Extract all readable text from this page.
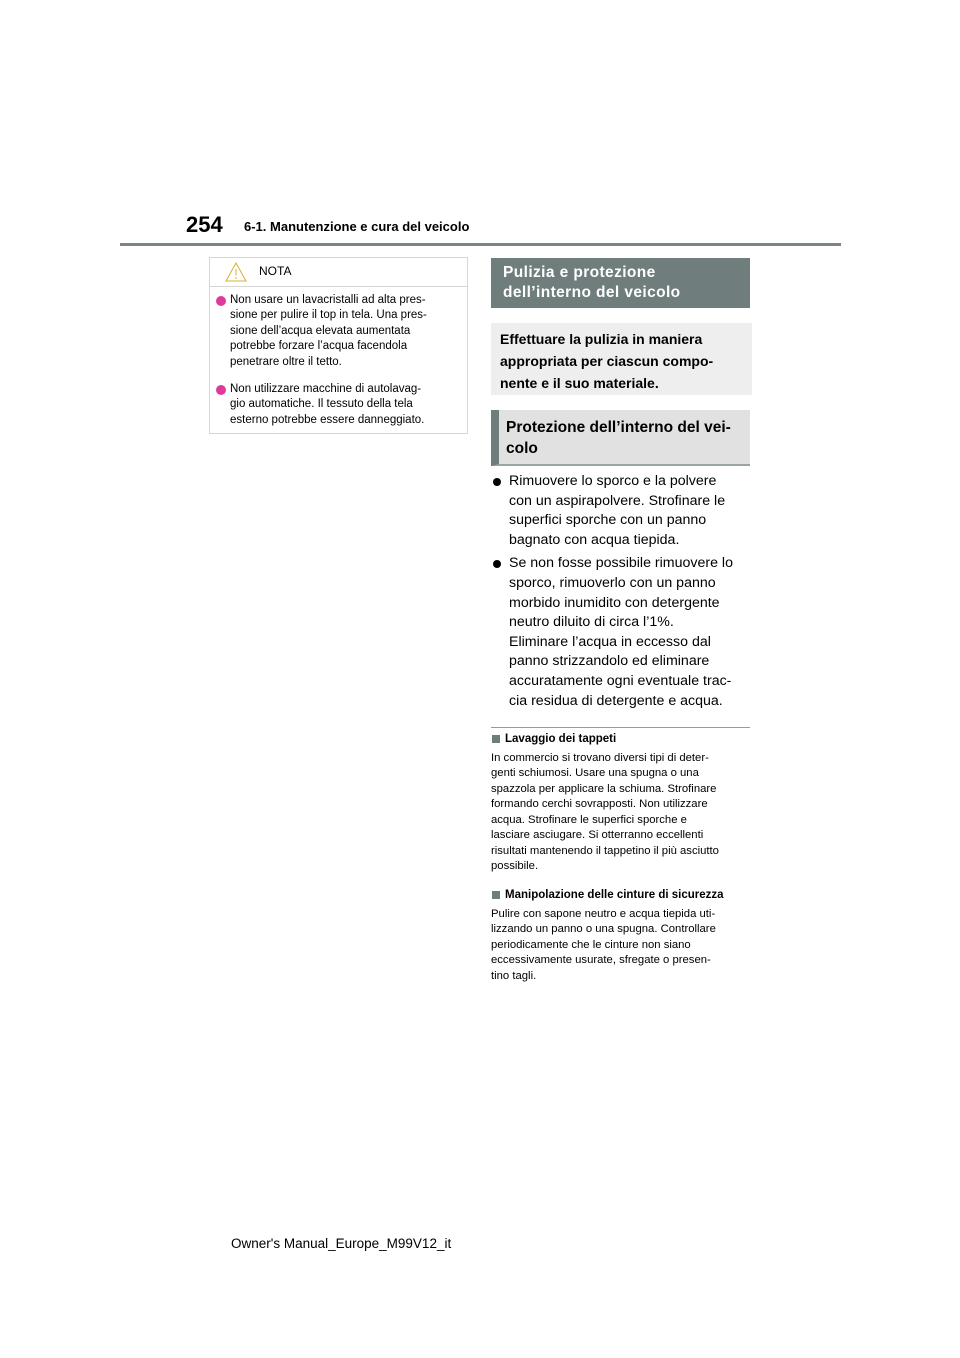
254 6-1. Manutenzione e cura del veicolo
NOTA
Non usare un lavacristalli ad alta pres-
sione per pulire il top in tela. Una pres-
sione dell’acqua elevata aumentata
potrebbe forzare l’acqua facendola
penetrare oltre il tetto.
Non utilizzare macchine di autolavag-
gio automatiche. Il tessuto della tela
esterno potrebbe essere danneggiato.
Pulizia e protezione
dell’interno del veicolo
Effettuare la pulizia in maniera
appropriata per ciascun compo-
nente e il suo materiale.
Protezione dell’interno del vei-
colo
Rimuovere lo sporco e la polvere
con un aspirapolvere. Strofinare le
superfici sporche con un panno
bagnato con acqua tiepida.
Se non fosse possibile rimuovere lo
sporco, rimuoverlo con un panno
morbido inumidito con detergente
neutro diluito di circa l’1%.
Eliminare l’acqua in eccesso dal
panno strizzandolo ed eliminare
accuratamente ogni eventuale trac-
cia residua di detergente e acqua.
Lavaggio dei tappeti
In commercio si trovano diversi tipi di deter-
genti schiumosi. Usare una spugna o una
spazzola per applicare la schiuma. Strofinare
formando cerchi sovrapposti. Non utilizzare
acqua. Strofinare le superfici sporche e
lasciare asciugare. Si otterranno eccellenti
risultati mantenendo il tappetino il più asciutto
possibile.
Manipolazione delle cinture di sicurezza
Pulire con sapone neutro e acqua tiepida uti-
lizzando un panno o una spugna. Controllare
periodicamente che le cinture non siano
eccessivamente usurate, sfregate o presen-
tino tagli.
Owner's Manual_Europe_M99V12_it
